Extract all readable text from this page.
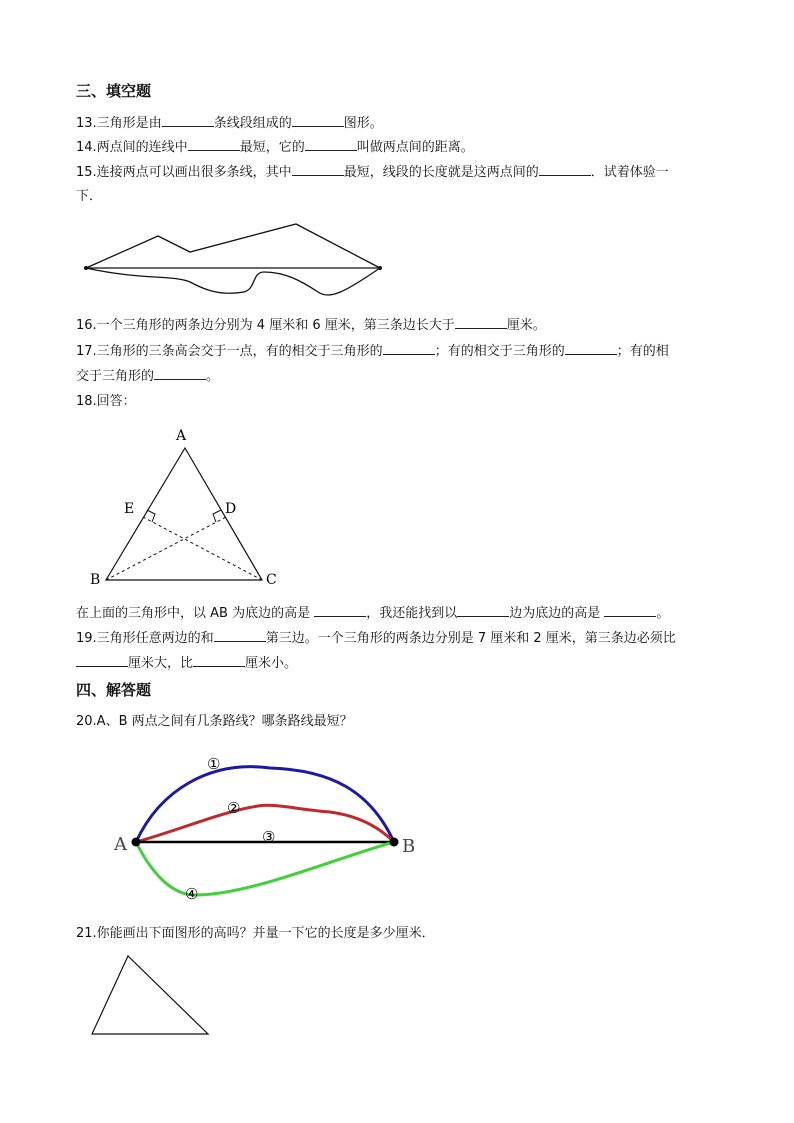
三、填空题
13.三角形是由	条线段组成的	图形。
14.两点间的连线中	最短，它的	叫做两点间的距离。
15.连接两点可以画出很多条线，其中	最短，线段的长度就是这两点间的	．试着体验一
下．
16.一个三角形的两条边分别为 4 厘米和 6 厘米，第三条边长大于	厘米。
17.三角形的三条高会交于一点，有的相交于三角形的	；有的相交于三角形的	；有的相
交于三角形的	。
18.回答：
A
B	C
D
E
在上面的三角形中，以 AB 为底边的高是	，我还能找到以	边为底边的高是	。
19.三角形任意两边的和	第三边。一个三角形的两条边分别是 7 厘米和 2 厘米，第三条边必须比
厘米大，比	厘米小。
四、解答题
20.A、B 两点之间有几条路线？哪条路线最短？
A	B
①
②
③
④
21.你能画出下面图形的高吗？并量一下它的长度是多少厘米．
